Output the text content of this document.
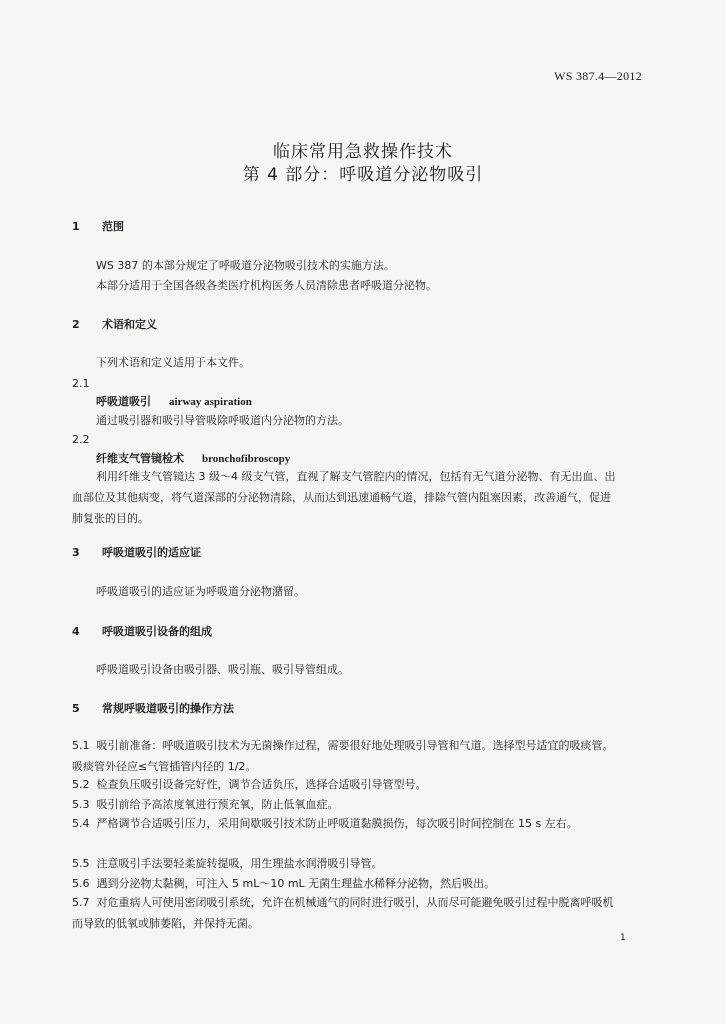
WS 387.4—2012
临床常用急救操作技术
第 4 部分：呼吸道分泌物吸引
1 范围
WS 387 的本部分规定了呼吸道分泌物吸引技术的实施方法。
本部分适用于全国各级各类医疗机构医务人员清除患者呼吸道分泌物。
2 术语和定义
下列术语和定义适用于本文件。
2.1
呼吸道吸引 airway aspiration
通过吸引器和吸引导管吸除呼吸道内分泌物的方法。
2.2
纤维支气管镜检术 bronchofibroscopy
利用纤维支气管镜达 3 级～4 级支气管，直视了解支气管腔内的情况，包括有无气道分泌物、有无出血、出血部位及其他病变，将气道深部的分泌物清除，从而达到迅速通畅气道，排除气管内阻塞因素，改善通气，促进肺复张的目的。
3 呼吸道吸引的适应证
呼吸道吸引的适应证为呼吸道分泌物潴留。
4 呼吸道吸引设备的组成
呼吸道吸引设备由吸引器、吸引瓶、吸引导管组成。
5 常规呼吸道吸引的操作方法
5.1 吸引前准备：呼吸道吸引技术为无菌操作过程，需要很好地处理吸引导管和气道。选择型号适宜的吸痰管。吸痰管外径应≤气管插管内径的 1/2。
5.2 检查负压吸引设备完好性，调节合适负压，选择合适吸引导管型号。
5.3 吸引前给予高浓度氧进行预充氧，防止低氧血症。
5.4 严格调节合适吸引压力，采用间歇吸引技术防止呼吸道黏膜损伤，每次吸引时间控制在 15 s 左右。
5.5 注意吸引手法要轻柔旋转提吸，用生理盐水润滑吸引导管。
5.6 遇到分泌物太黏稠，可注入 5 mL～10 mL 无菌生理盐水稀释分泌物，然后吸出。
5.7 对危重病人可使用密闭吸引系统，允许在机械通气的同时进行吸引，从而尽可能避免吸引过程中脱离呼吸机而导致的低氧或肺萎陷，并保持无菌。
1
